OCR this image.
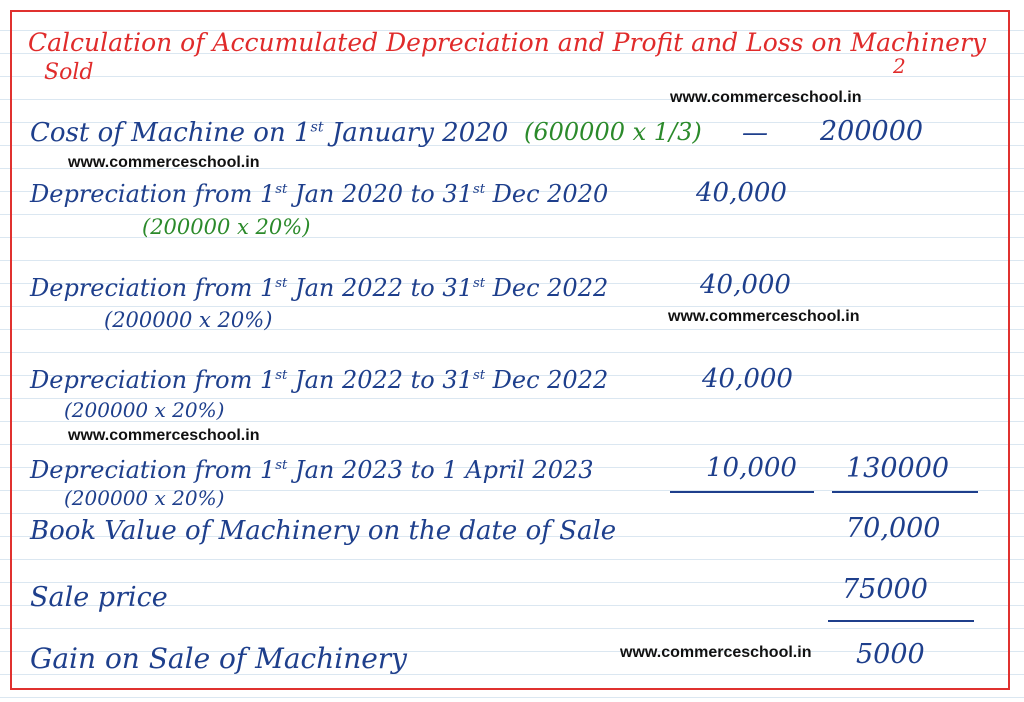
Calculation of Accumulated Depreciation and Profit and Loss on Machinery
Sold	2
www.commerceschool.in
www.commerceschool.in
www.commerceschool.in
www.commerceschool.in
www.commerceschool.in
Cost of Machine on 1st January 2020 (600000 x 1/3) — 200000
Depreciation from 1st Jan 2020 to 31st Dec 2020	40,000
(200000 x 20%)
Depreciation from 1st Jan 2022 to 31st Dec 2022	40,000
(200000 x 20%)
Depreciation from 1st Jan 2022 to 31st Dec 2022	40,000
(200000 x 20%)
Depreciation from 1st Jan 2023 to 1 April 2023	10,000 130000
(200000 x 20%)
Book Value of Machinery on the date of Sale	70,000
Sale price	75000
Gain on Sale of Machinery	5000
